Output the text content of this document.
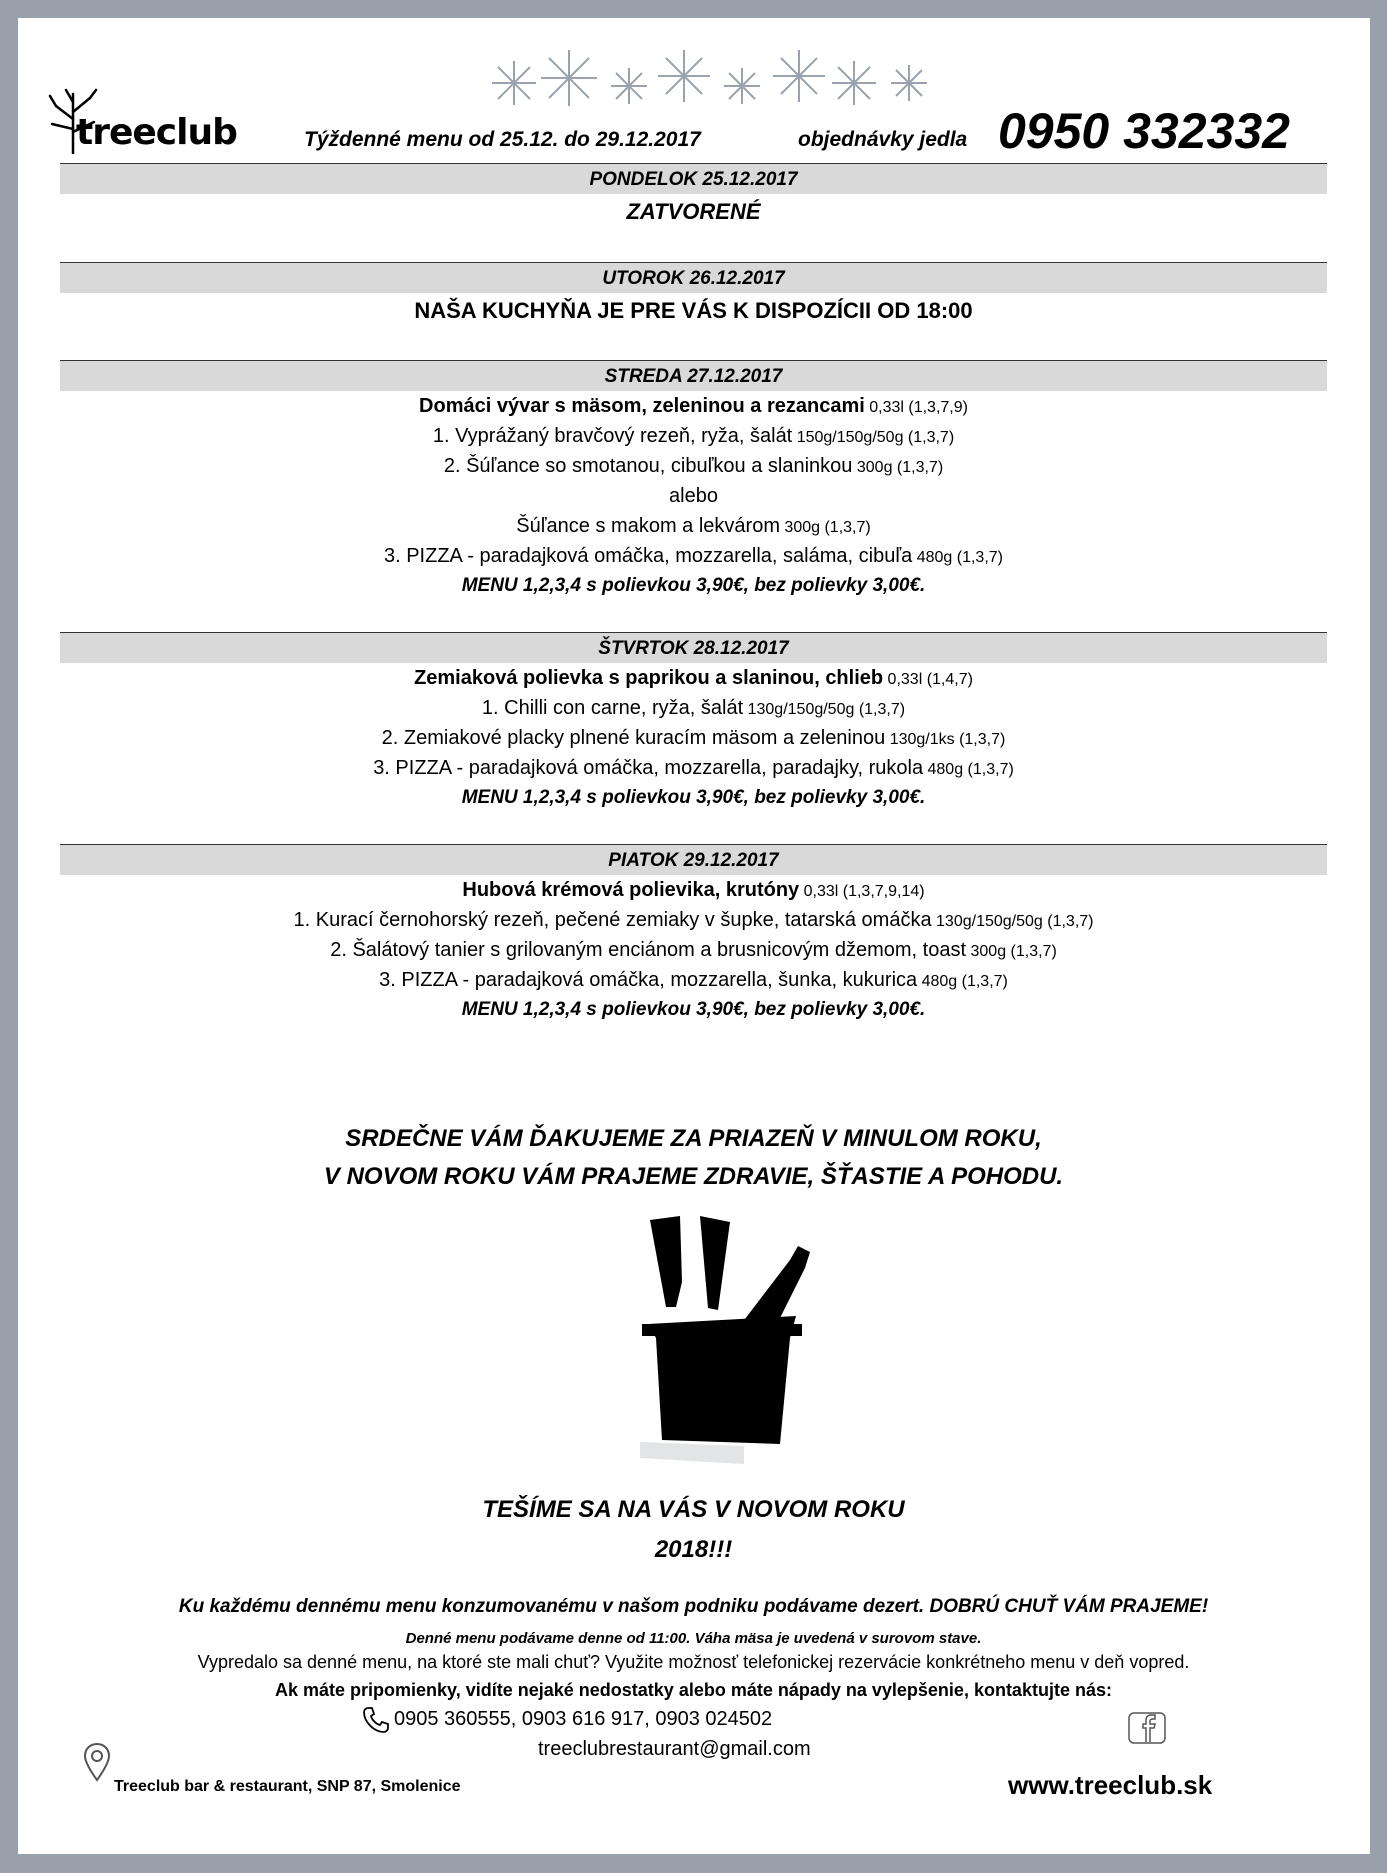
treeclub	Týždenné menu od 25.12. do 29.12.2017	objednávky jedla 0950 332332
PONDELOK 25.12.2017
ZATVORENÉ
UTOROK 26.12.2017
NAŠA KUCHYŇA JE PRE VÁS K DISPOZÍCII OD 18:00
STREDA 27.12.2017
Domáci vývar s mäsom, zeleninou a rezancami 0,33l (1,3,7,9)
1. Vyprážaný bravčový rezeň, ryža, šalát 150g/150g/50g (1,3,7)
2. Šúľance so smotanou, cibuľkou a slaninkou 300g (1,3,7)
alebo
Šúľance s makom a lekvárom 300g (1,3,7)
3. PIZZA - paradajková omáčka, mozzarella, saláma, cibuľa 480g (1,3,7)
MENU 1,2,3,4 s polievkou 3,90€, bez polievky 3,00€.
ŠTVRTOK 28.12.2017
Zemiaková polievka s paprikou a slaninou, chlieb 0,33l (1,4,7)
1. Chilli con carne, ryža, šalát 130g/150g/50g (1,3,7)
2. Zemiakové placky plnené kuracím mäsom a zeleninou 130g/1ks (1,3,7)
3. PIZZA - paradajková omáčka, mozzarella, paradajky, rukola 480g (1,3,7)
MENU 1,2,3,4 s polievkou 3,90€, bez polievky 3,00€.
PIATOK 29.12.2017
Hubová krémová polievika, krutóny 0,33l (1,3,7,9,14)
1. Kurací černohorský rezeň, pečené zemiaky v šupke, tatarská omáčka 130g/150g/50g (1,3,7)
2. Šalátový tanier s grilovaným enciánom a brusnicovým džemom, toast 300g (1,3,7)
3. PIZZA - paradajková omáčka, mozzarella, šunka, kukurica 480g (1,3,7)
MENU 1,2,3,4 s polievkou 3,90€, bez polievky 3,00€.
SRDEČNE VÁM ĎAKUJEME ZA PRIAZEŇ V MINULOM ROKU,
V NOVOM ROKU VÁM PRAJEME ZDRAVIE, ŠŤASTIE A POHODU.
TEŠÍME SA NA VÁS V NOVOM ROKU
2018!!!
Ku každému dennému menu konzumovanému v našom podniku podávame dezert. DOBRÚ CHUŤ VÁM PRAJEME!
Denné menu podávame denne od 11:00. Váha mäsa je uvedená v surovom stave.
Vypredalo sa denné menu, na ktoré ste mali chuť? Využite možnosť telefonickej rezervácie konkrétneho menu v deň vopred.
Ak máte pripomienky, vidíte nejaké nedostatky alebo máte nápady na vylepšenie, kontaktujte nás:
0905 360555, 0903 616 917, 0903 024502
treeclubrestaurant@gmail.com
Treeclub bar & restaurant, SNP 87, Smolenice	www.treeclub.sk
